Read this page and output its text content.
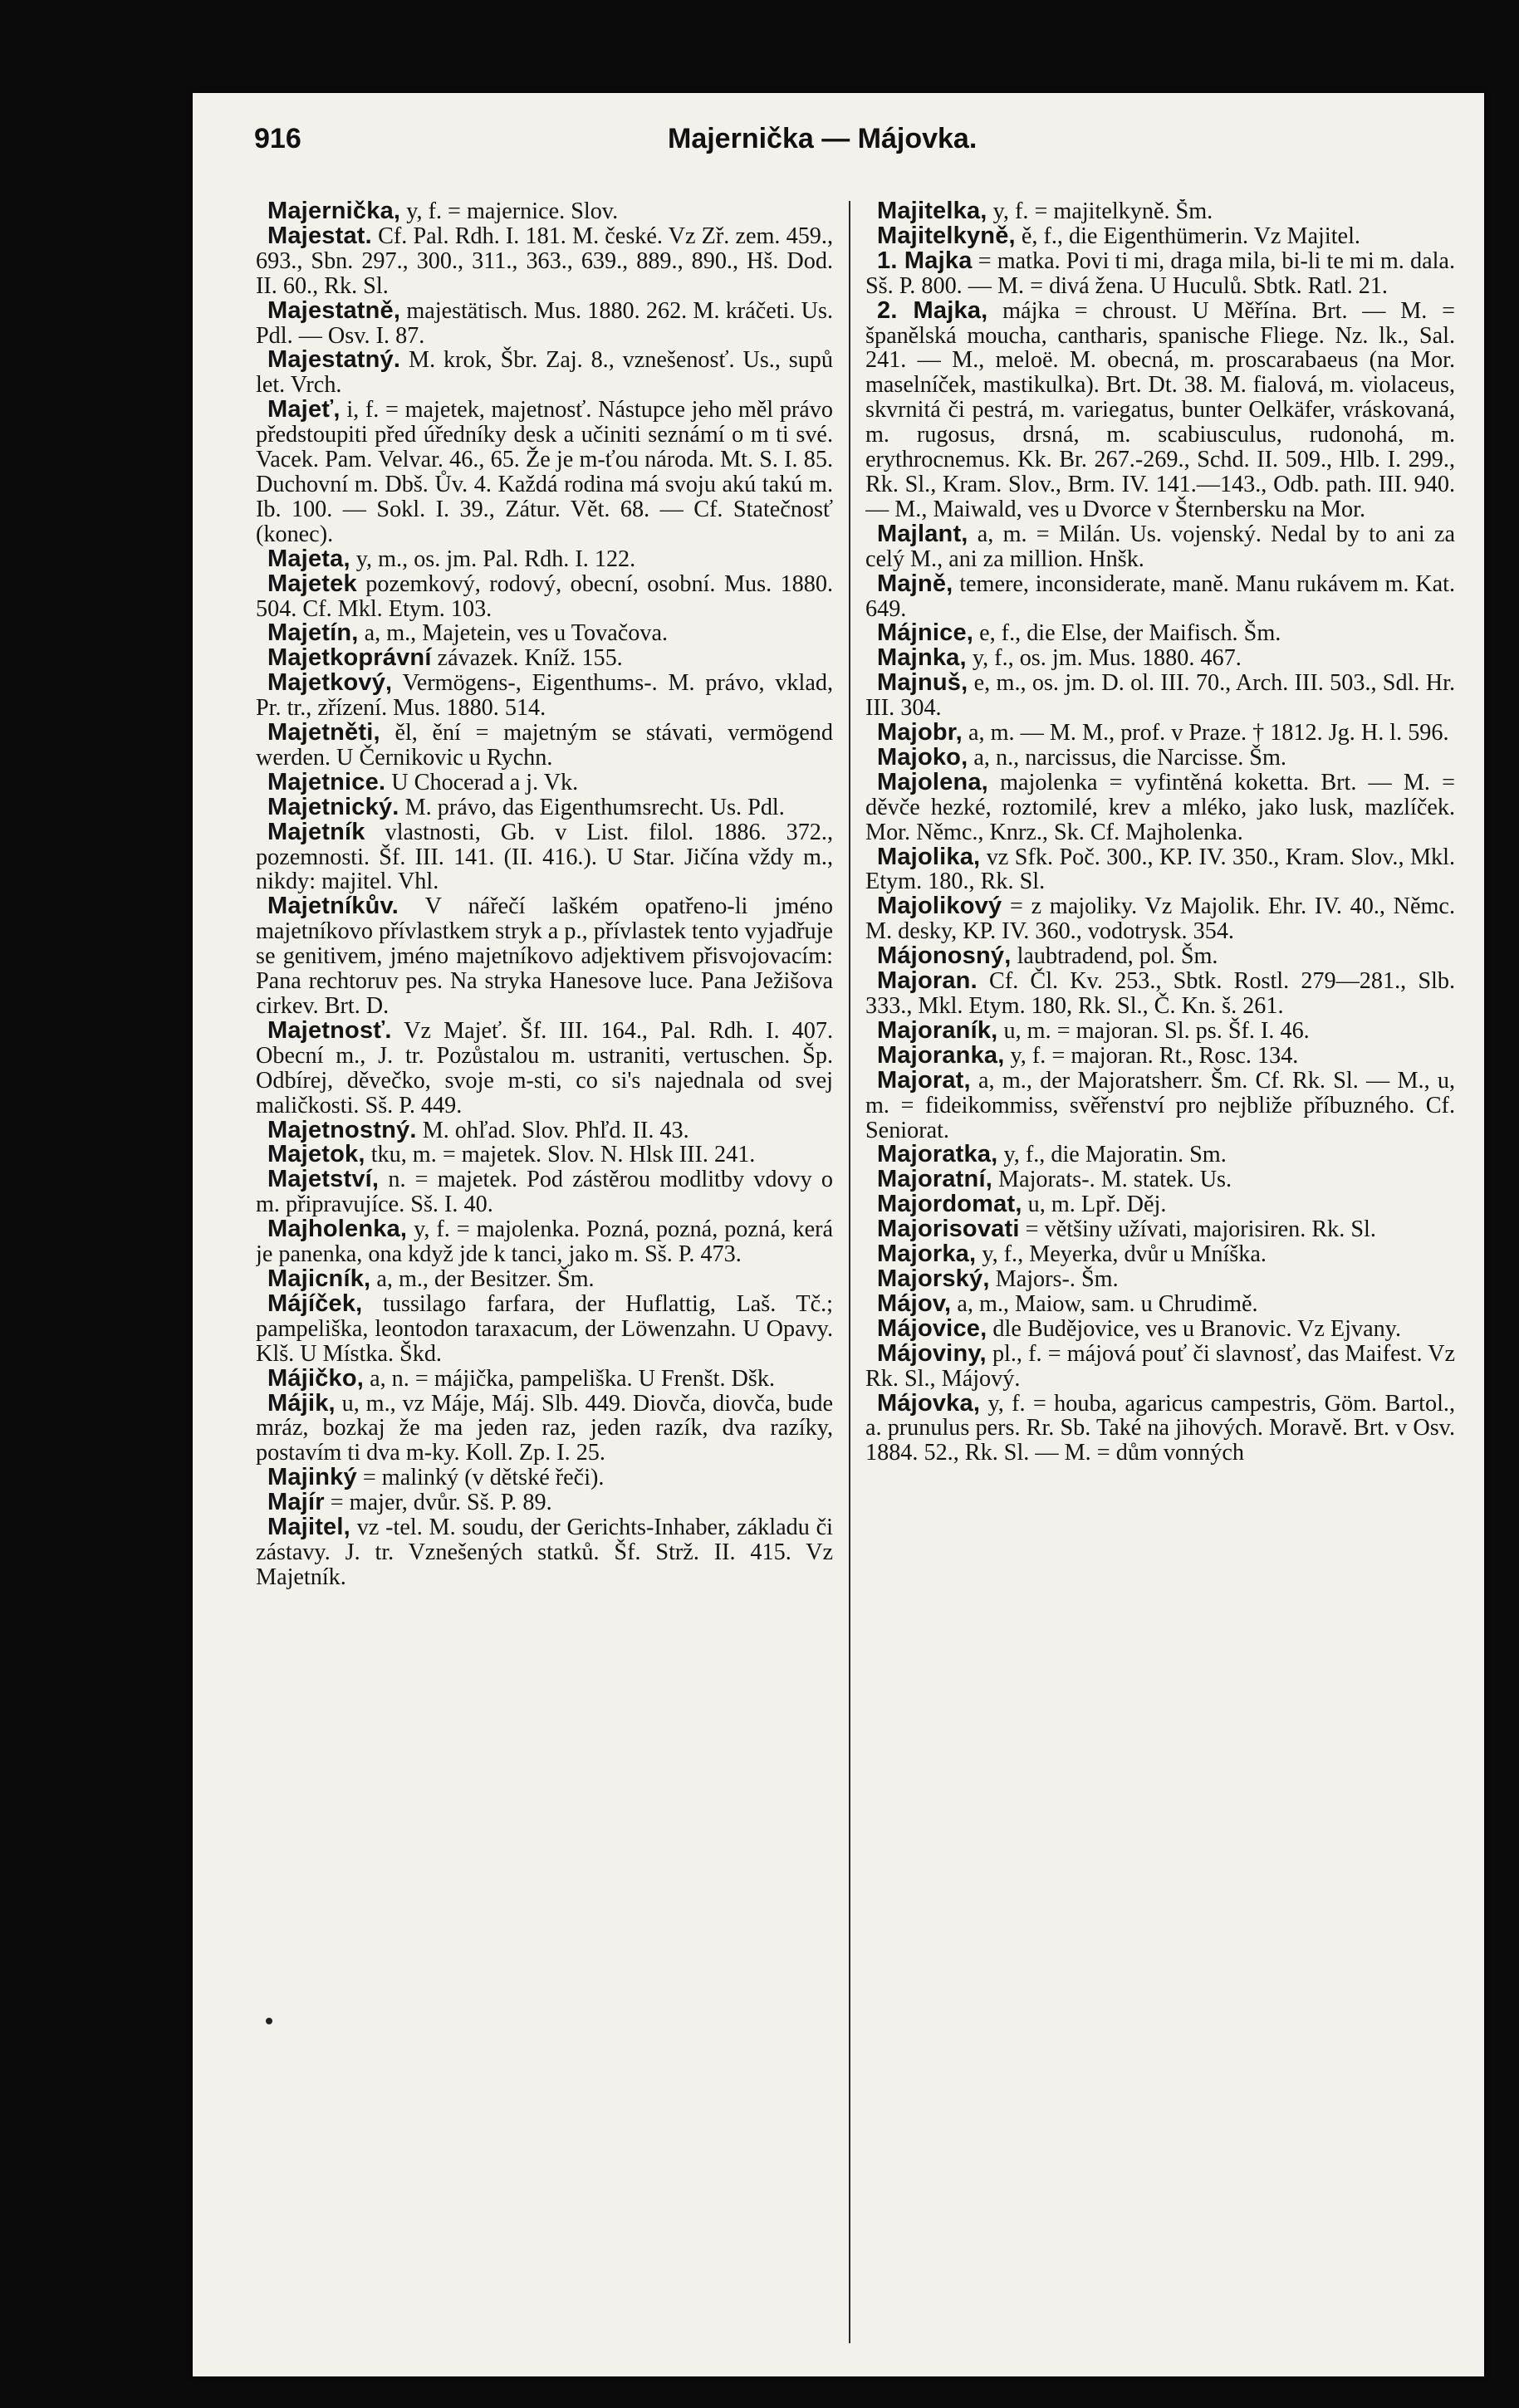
916	Majernička — Májovka.

Majernička, y, f. = majernice. Slov.

Majestat. Cf. Pal. Rdh. I. 181. M. české. Vz Zř. zem. 459., 693., Sbn. 297., 300., 311., 363., 639., 889., 890., Hš. Dod. II. 60., Rk. Sl.

Majestatně, majestätisch. Mus. 1880. 262. M. kráčeti. Us. Pdl. — Osv. I. 87.

Majestatný. M. krok, Šbr. Zaj. 8., vznešenosť. Us., supů let. Vrch.

Majeť, i, f. = majetek, majetnosť. Nástupce jeho měl právo předstoupiti před úředníky desk a učiniti seznámí o m ti své. Vacek. Pam. Velvar. 46., 65. Že je m-ťou národa. Mt. S. I. 85. Duchovní m. Dbš. Ův. 4. Každá rodina má svoju akú takú m. Ib. 100. — Sokl. I. 39., Zátur. Vět. 68. — Cf. Statečnosť (konec).

Majeta, y, m., os. jm. Pal. Rdh. I. 122.

Majetek pozemkový, rodový, obecní, osobní. Mus. 1880. 504. Cf. Mkl. Etym. 103.

Majetín, a, m., Majetein, ves u Tovačova.

Majetkoprávní závazek. Kníž. 155.

Majetkový, Vermögens-, Eigenthums-. M. právo, vklad, Pr. tr., zřízení. Mus. 1880. 514.

Majetněti, ěl, ění = majetným se stávati, vermögend werden. U Černikovic u Rychn.

Majetnice. U Chocerad a j. Vk.

Majetnický. M. právo, das Eigenthumsrecht. Us. Pdl.

Majetník vlastnosti, Gb. v List. filol. 1886. 372., pozemnosti. Šf. III. 141. (II. 416.). U Star. Jičína vždy m., nikdy: majitel. Vhl.

Majetníkův. V nářečí laškém opatřeno-li jméno majetníkovo přívlastkem stryk a p., přívlastek tento vyjadřuje se genitivem, jméno majetníkovo adjektivem přisvojovacím: Pana rechtoruv pes. Na stryka Hanesove luce. Pana Ježišova cirkev. Brt. D.

Majetnosť. Vz Majeť. Šf. III. 164., Pal. Rdh. I. 407. Obecní m., J. tr. Pozůstalou m. ustraniti, vertuschen. Šp. Odbírej, děvečko, svoje m-sti, co si's najednala od svej maličkosti. Sš. P. 449.

Majetnostný. M. ohľad. Slov. Phľd. II. 43.

Majetok, tku, m. = majetek. Slov. N. Hlsk III. 241.

Majetství, n. = majetek. Pod zástěrou modlitby vdovy o m. připravujíce. Sš. I. 40.

Majholenka, y, f. = majolenka. Pozná, pozná, pozná, kerá je panenka, ona když jde k tanci, jako m. Sš. P. 473.

Majicník, a, m., der Besitzer. Šm.

Májíček, tussilago farfara, der Huflattig, Laš. Tč.; pampeliška, leontodon taraxacum, der Löwenzahn. U Opavy. Klš. U Místka. Škd.

Májičko, a, n. = májička, pampeliška. U Frenšt. Dšk.

Májik, u, m., vz Máje, Máj. Slb. 449. Diovča, diovča, bude mráz, bozkaj že ma jeden raz, jeden razík, dva razíky, postavím ti dva m-ky. Koll. Zp. I. 25.

Majinký = malinký (v dětské řeči).

Majír = majer, dvůr. Sš. P. 89.

Majitel, vz -tel. M. soudu, der Gerichts-Inhaber, základu či zástavy. J. tr. Vznešených statků. Šf. Strž. II. 415. Vz Majetník.

Majitelka, y, f. = majitelkyně. Šm.

Majitelkyně, ě, f., die Eigenthümerin. Vz Majitel.

1. Majka = matka. Povi ti mi, draga mila, bi-li te mi m. dala. Sš. P. 800. — M. = divá žena. U Huculů. Sbtk. Ratl. 21.

2. Majka, májka = chroust. U Měřína. Brt. — M. = španělská moucha, cantharis, spanische Fliege. Nz. lk., Sal. 241. — M., meloë. M. obecná, m. proscarabaeus (na Mor. maselníček, mastikulka). Brt. Dt. 38. M. fialová, m. violaceus, skvrnitá či pestrá, m. variegatus, bunter Oelkäfer, vráskovaná, m. rugosus, drsná, m. scabiusculus, rudonohá, m. erythrocnemus. Kk. Br. 267.-269., Schd. II. 509., Hlb. I. 299., Rk. Sl., Kram. Slov., Brm. IV. 141.—143., Odb. path. III. 940. — M., Maiwald, ves u Dvorce v Šternbersku na Mor.

Majlant, a, m. = Milán. Us. vojenský. Nedal by to ani za celý M., ani za million. Hnšk.

Majně, temere, inconsiderate, maně. Manu rukávem m. Kat. 649.

Májnice, e, f., die Else, der Maifisch. Šm.

Majnka, y, f., os. jm. Mus. 1880. 467.

Majnuš, e, m., os. jm. D. ol. III. 70., Arch. III. 503., Sdl. Hr. III. 304.

Majobr, a, m. — M. M., prof. v Praze. † 1812. Jg. H. l. 596.

Majoko, a, n., narcissus, die Narcisse. Šm.

Majolena, majolenka = vyfintěná koketta. Brt. — M. = děvče hezké, roztomilé, krev a mléko, jako lusk, mazlíček. Mor. Němc., Knrz., Sk. Cf. Majholenka.

Majolika, vz Sfk. Poč. 300., KP. IV. 350., Kram. Slov., Mkl. Etym. 180., Rk. Sl.

Majolikový = z majoliky. Vz Majolik. Ehr. IV. 40., Němc. M. desky, KP. IV. 360., vodotrysk. 354.

Májonosný, laubtradend, pol. Šm.

Majoran. Cf. Čl. Kv. 253., Sbtk. Rostl. 279—281., Slb. 333., Mkl. Etym. 180, Rk. Sl., Č. Kn. š. 261.

Majoraník, u, m. = majoran. Sl. ps. Šf. I. 46.

Majoranka, y, f. = majoran. Rt., Rosc. 134.

Majorat, a, m., der Majoratsherr. Šm. Cf. Rk. Sl. — M., u, m. = fideikommiss, svěřenství pro nejbliže příbuzného. Cf. Seniorat.

Majoratka, y, f., die Majoratin. Sm.

Majoratní, Majorats-. M. statek. Us.

Majordomat, u, m. Lpř. Děj.

Majorisovati = většiny užívati, majorisiren. Rk. Sl.

Majorka, y, f., Meyerka, dvůr u Mníška.

Majorský, Majors-. Šm.

Májov, a, m., Maiow, sam. u Chrudimě.

Májovice, dle Budějovice, ves u Branovic. Vz Ejvany.

Májoviny, pl., f. = májová pouť či slavnosť, das Maifest. Vz Rk. Sl., Májový.

Májovka, y, f. = houba, agaricus campestris, Göm. Bartol., a. prunulus pers. Rr. Sb. Také na jihových. Moravě. Brt. v Osv. 1884. 52., Rk. Sl. — M. = dům vonných
